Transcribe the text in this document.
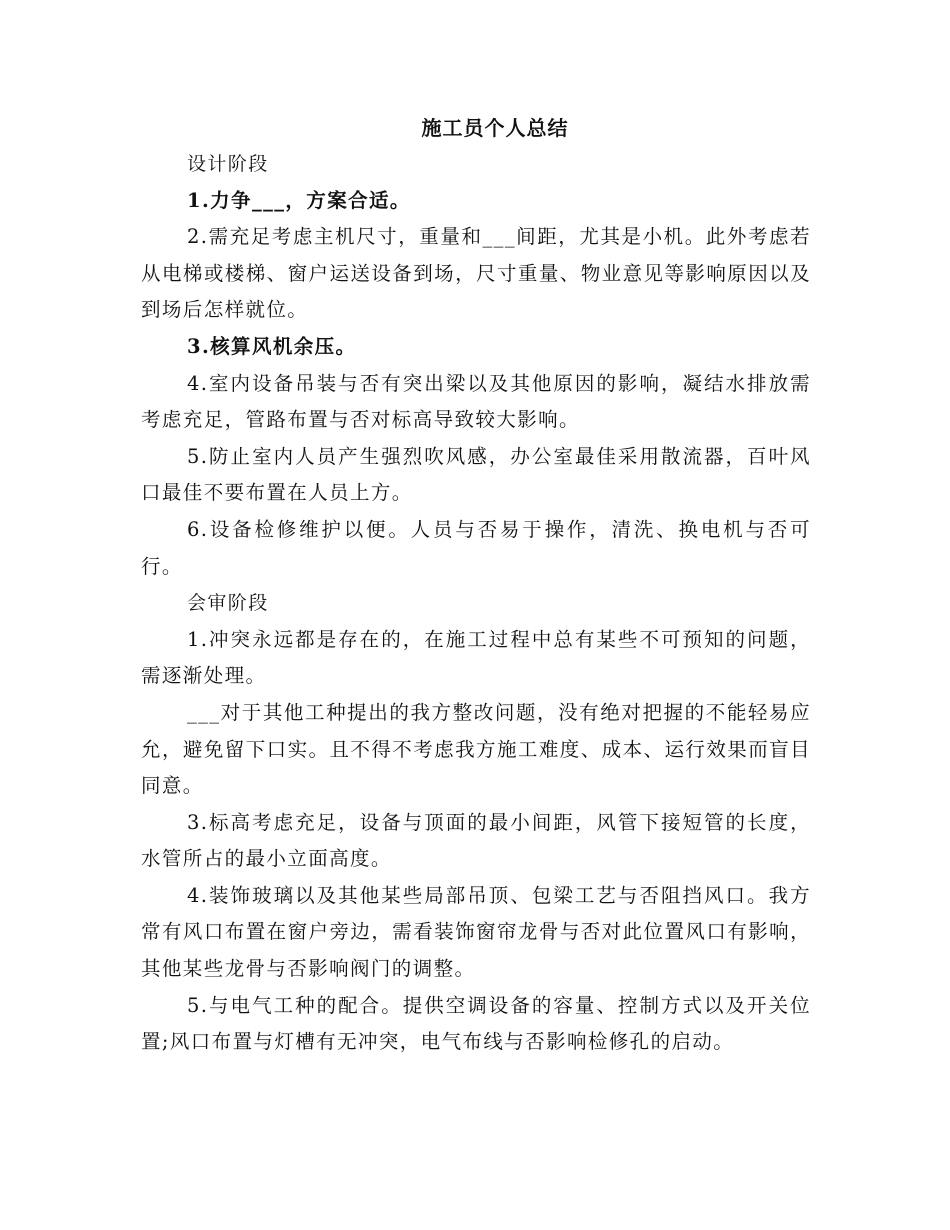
施工员个人总结

设计阶段

1.力争___，方案合适。

2.需充足考虑主机尺寸，重量和___间距，尤其是小机。此外考虑若从电梯或楼梯、窗户运送设备到场，尺寸重量、物业意见等影响原因以及到场后怎样就位。

3.核算风机余压。

4.室内设备吊装与否有突出梁以及其他原因的影响，凝结水排放需考虑充足，管路布置与否对标高导致较大影响。

5.防止室内人员产生强烈吹风感，办公室最佳采用散流器，百叶风口最佳不要布置在人员上方。

6.设备检修维护以便。人员与否易于操作，清洗、换电机与否可行。

会审阶段

1.冲突永远都是存在的，在施工过程中总有某些不可预知的问题，需逐渐处理。

___对于其他工种提出的我方整改问题，没有绝对把握的不能轻易应允，避免留下口实。且不得不考虑我方施工难度、成本、运行效果而盲目同意。

3.标高考虑充足，设备与顶面的最小间距，风管下接短管的长度，水管所占的最小立面高度。

4.装饰玻璃以及其他某些局部吊顶、包梁工艺与否阻挡风口。我方常有风口布置在窗户旁边，需看装饰窗帘龙骨与否对此位置风口有影响，其他某些龙骨与否影响阀门的调整。

5.与电气工种的配合。提供空调设备的容量、控制方式以及开关位置;风口布置与灯槽有无冲突，电气布线与否影响检修孔的启动。
